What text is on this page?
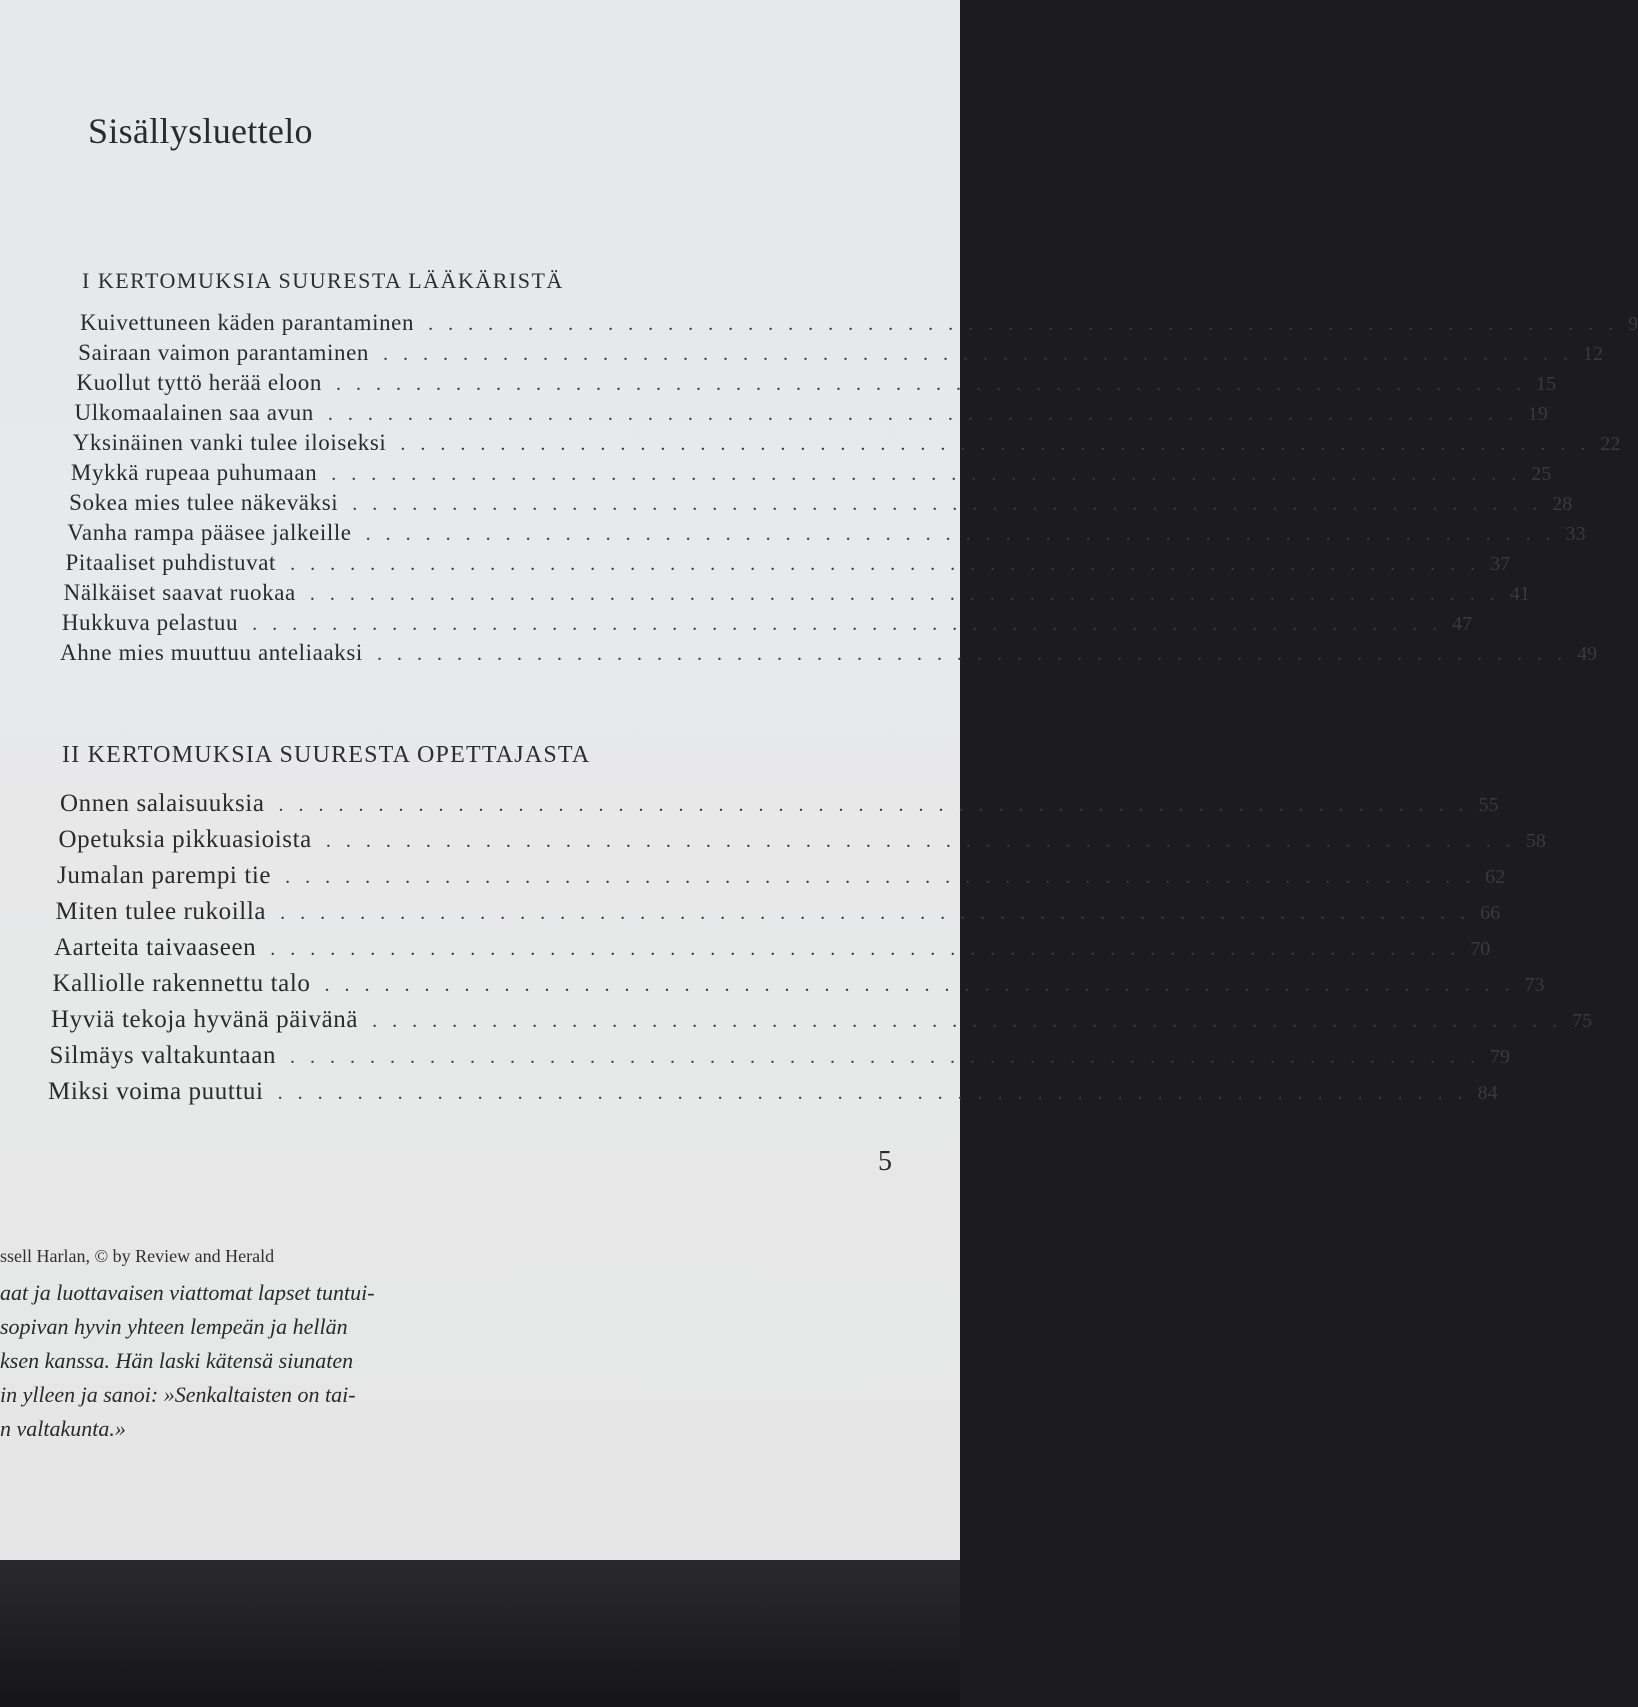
Sisällysluettelo
I KERTOMUKSIA SUURESTA LÄÄKÄRISTÄ
Kuivettuneen käden parantaminen ............................................................ 9
Sairaan vaimon parantaminen ............................................................ 12
Kuollut tyttö herää eloon ............................................................ 15
Ulkomaalainen saa avun ............................................................ 19
Yksinäinen vanki tulee iloiseksi ............................................................ 22
Mykkä rupeaa puhumaan ............................................................ 25
Sokea mies tulee näkeväksi ............................................................ 28
Vanha rampa pääsee jalkeille ............................................................ 33
Pitaaliset puhdistuvat ............................................................ 37
Nälkäiset saavat ruokaa ............................................................ 41
Hukkuva pelastuu ............................................................ 47
Ahne mies muuttuu anteliaaksi ............................................................ 49
II KERTOMUKSIA SUURESTA OPETTAJASTA
Onnen salaisuuksia ............................................................ 55
Opetuksia pikkuasioista ............................................................ 58
Jumalan parempi tie ............................................................ 62
Miten tulee rukoilla ............................................................ 66
Aarteita taivaaseen ............................................................ 70
Kalliolle rakennettu talo ............................................................ 73
Hyviä tekoja hyvänä päivänä ............................................................ 75
Silmäys valtakuntaan ............................................................ 79
Miksi voima puuttui ............................................................ 84
5
ssell Harlan, © by Review and Herald
aat ja luottavaisen viattomat lapset tuntui-
sopivan hyvin yhteen lempeän ja hellän
ksen kanssa. Hän laski kätensä siunaten
in ylleen ja sanoi: »Senkaltaisten on tai-
n valtakunta.»
